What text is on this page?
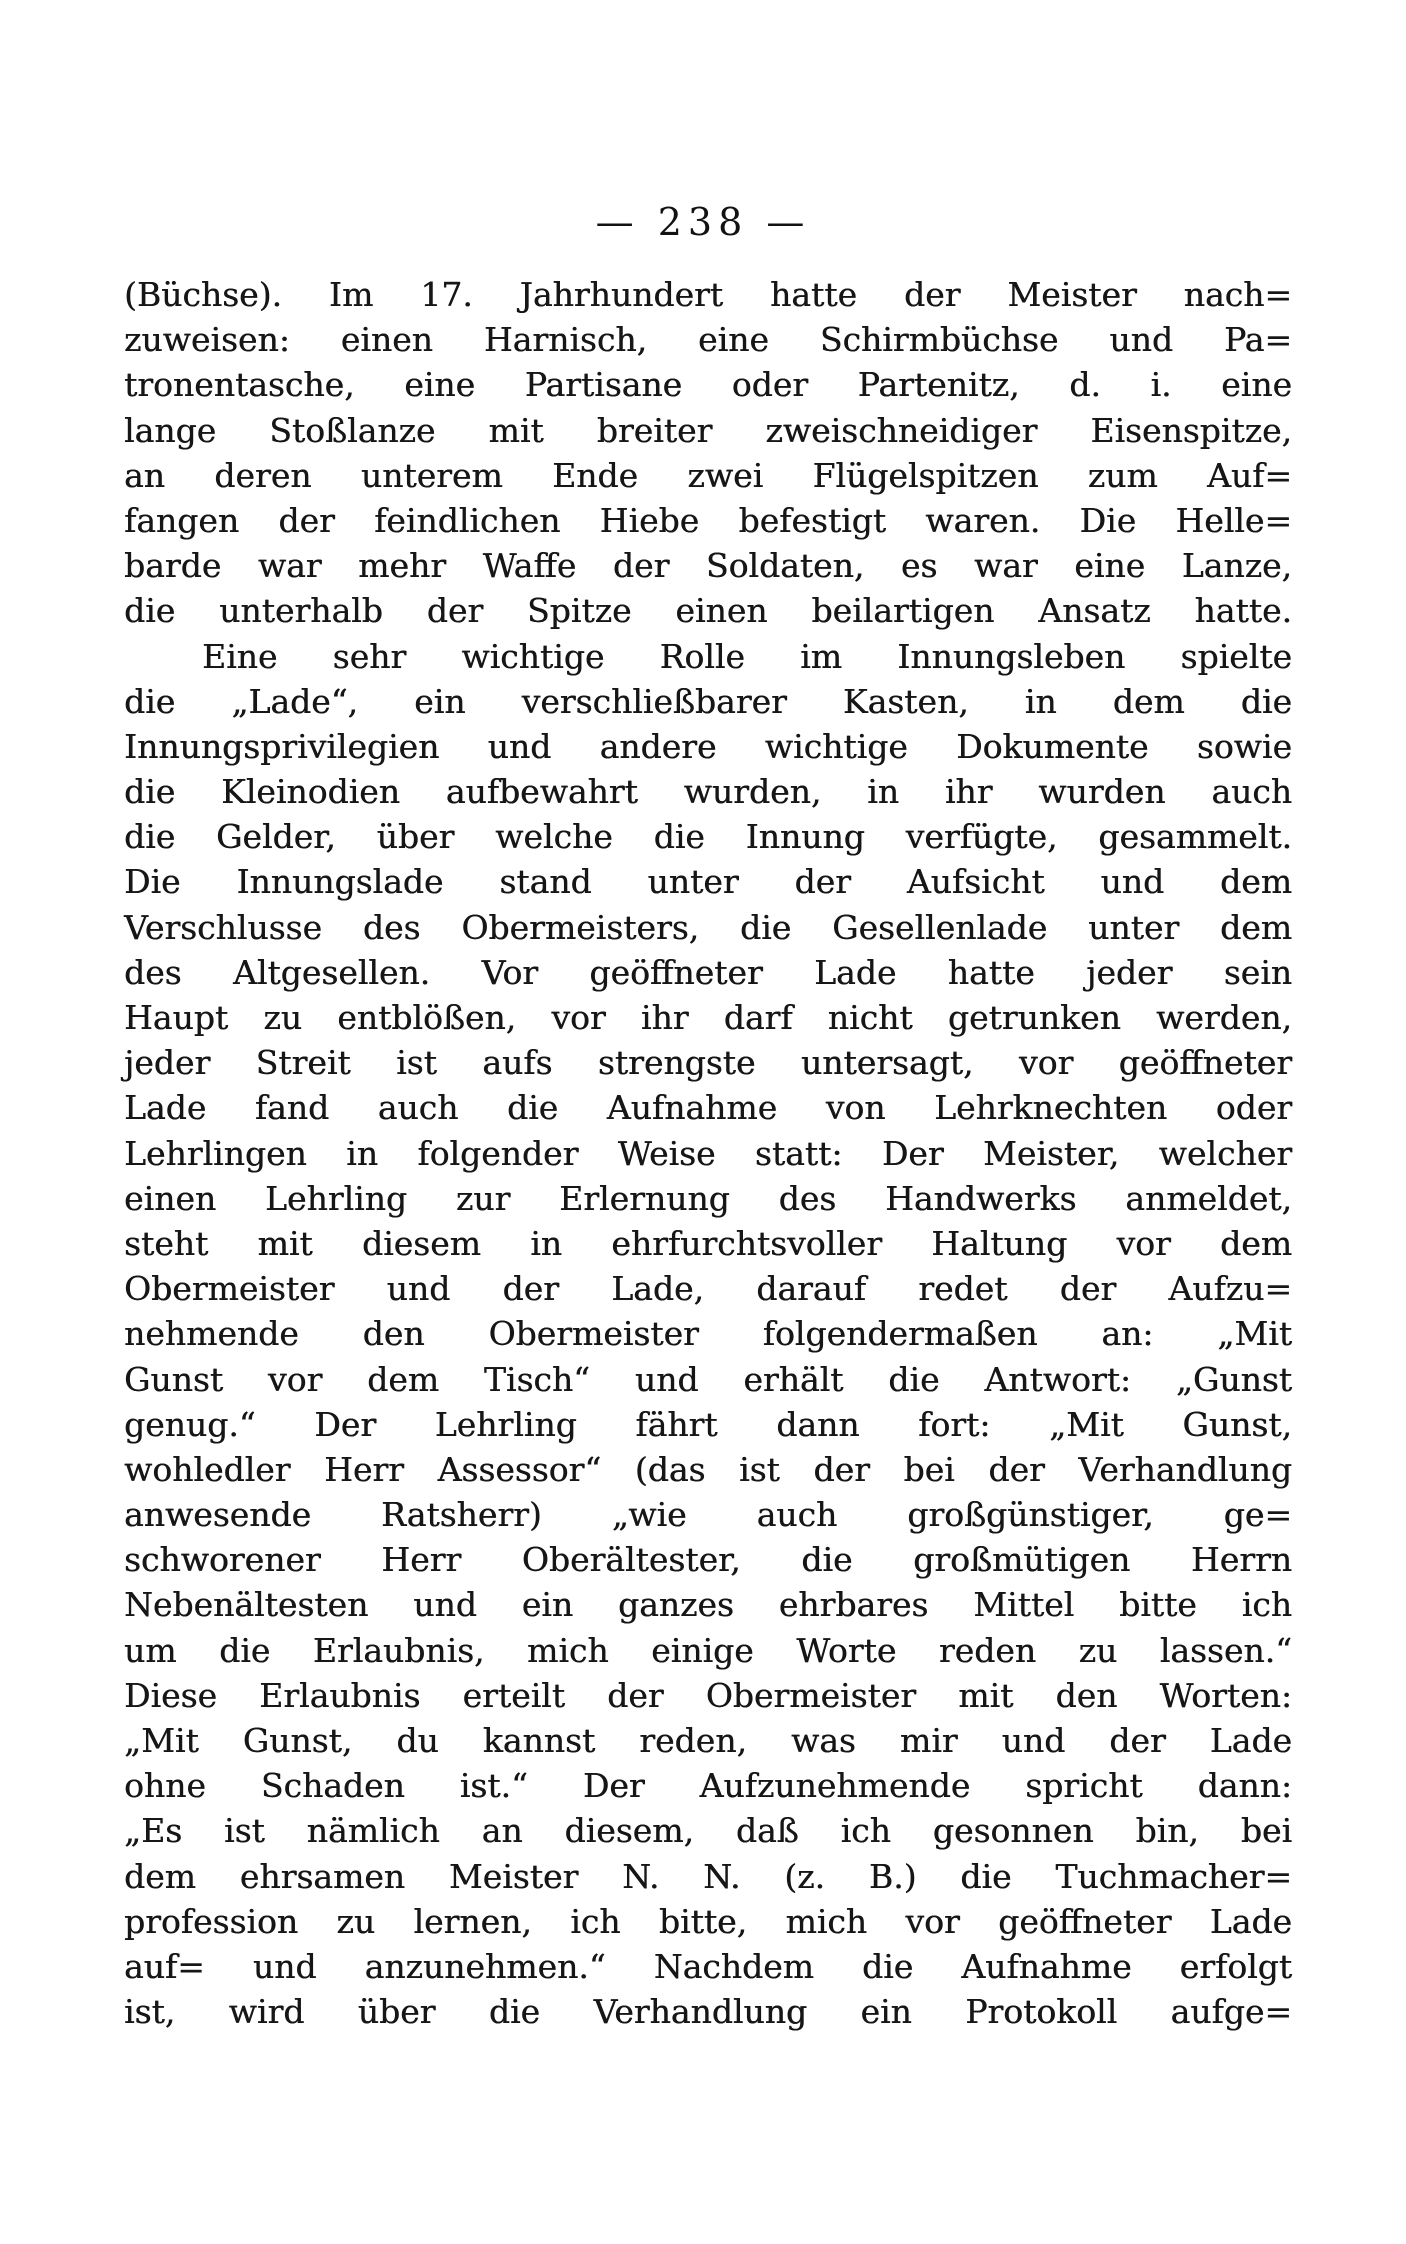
— 238 —
(Büchse). Im 17. Jahrhundert hatte der Meister nach=
zuweisen: einen Harnisch, eine Schirmbüchse und Pa=
tronentasche, eine Partisane oder Partenitz, d. i. eine
lange Stoßlanze mit breiter zweischneidiger Eisenspitze,
an deren unterem Ende zwei Flügelspitzen zum Auf=
fangen der feindlichen Hiebe befestigt waren. Die Helle=
barde war mehr Waffe der Soldaten, es war eine Lanze,
die unterhalb der Spitze einen beilartigen Ansatz hatte.
Eine sehr wichtige Rolle im Innungsleben spielte
die „Lade“, ein verschließbarer Kasten, in dem die
Innungsprivilegien und andere wichtige Dokumente sowie
die Kleinodien aufbewahrt wurden, in ihr wurden auch
die Gelder, über welche die Innung verfügte, gesammelt.
Die Innungslade stand unter der Aufsicht und dem
Verschlusse des Obermeisters, die Gesellenlade unter dem
des Altgesellen. Vor geöffneter Lade hatte jeder sein
Haupt zu entblößen, vor ihr darf nicht getrunken werden,
jeder Streit ist aufs strengste untersagt, vor geöffneter
Lade fand auch die Aufnahme von Lehrknechten oder
Lehrlingen in folgender Weise statt: Der Meister, welcher
einen Lehrling zur Erlernung des Handwerks anmeldet,
steht mit diesem in ehrfurchtsvoller Haltung vor dem
Obermeister und der Lade, darauf redet der Aufzu=
nehmende den Obermeister folgendermaßen an: „Mit
Gunst vor dem Tisch“ und erhält die Antwort: „Gunst
genug.“ Der Lehrling fährt dann fort: „Mit Gunst,
wohledler Herr Assessor“ (das ist der bei der Verhandlung
anwesende Ratsherr) „wie auch großgünstiger, ge=
schworener Herr Oberältester, die großmütigen Herrn
Nebenältesten und ein ganzes ehrbares Mittel bitte ich
um die Erlaubnis, mich einige Worte reden zu lassen.“
Diese Erlaubnis erteilt der Obermeister mit den Worten:
„Mit Gunst, du kannst reden, was mir und der Lade
ohne Schaden ist.“ Der Aufzunehmende spricht dann:
„Es ist nämlich an diesem, daß ich gesonnen bin, bei
dem ehrsamen Meister N. N. (z. B.) die Tuchmacher=
profession zu lernen, ich bitte, mich vor geöffneter Lade
auf= und anzunehmen.“ Nachdem die Aufnahme erfolgt
ist, wird über die Verhandlung ein Protokoll aufge=
